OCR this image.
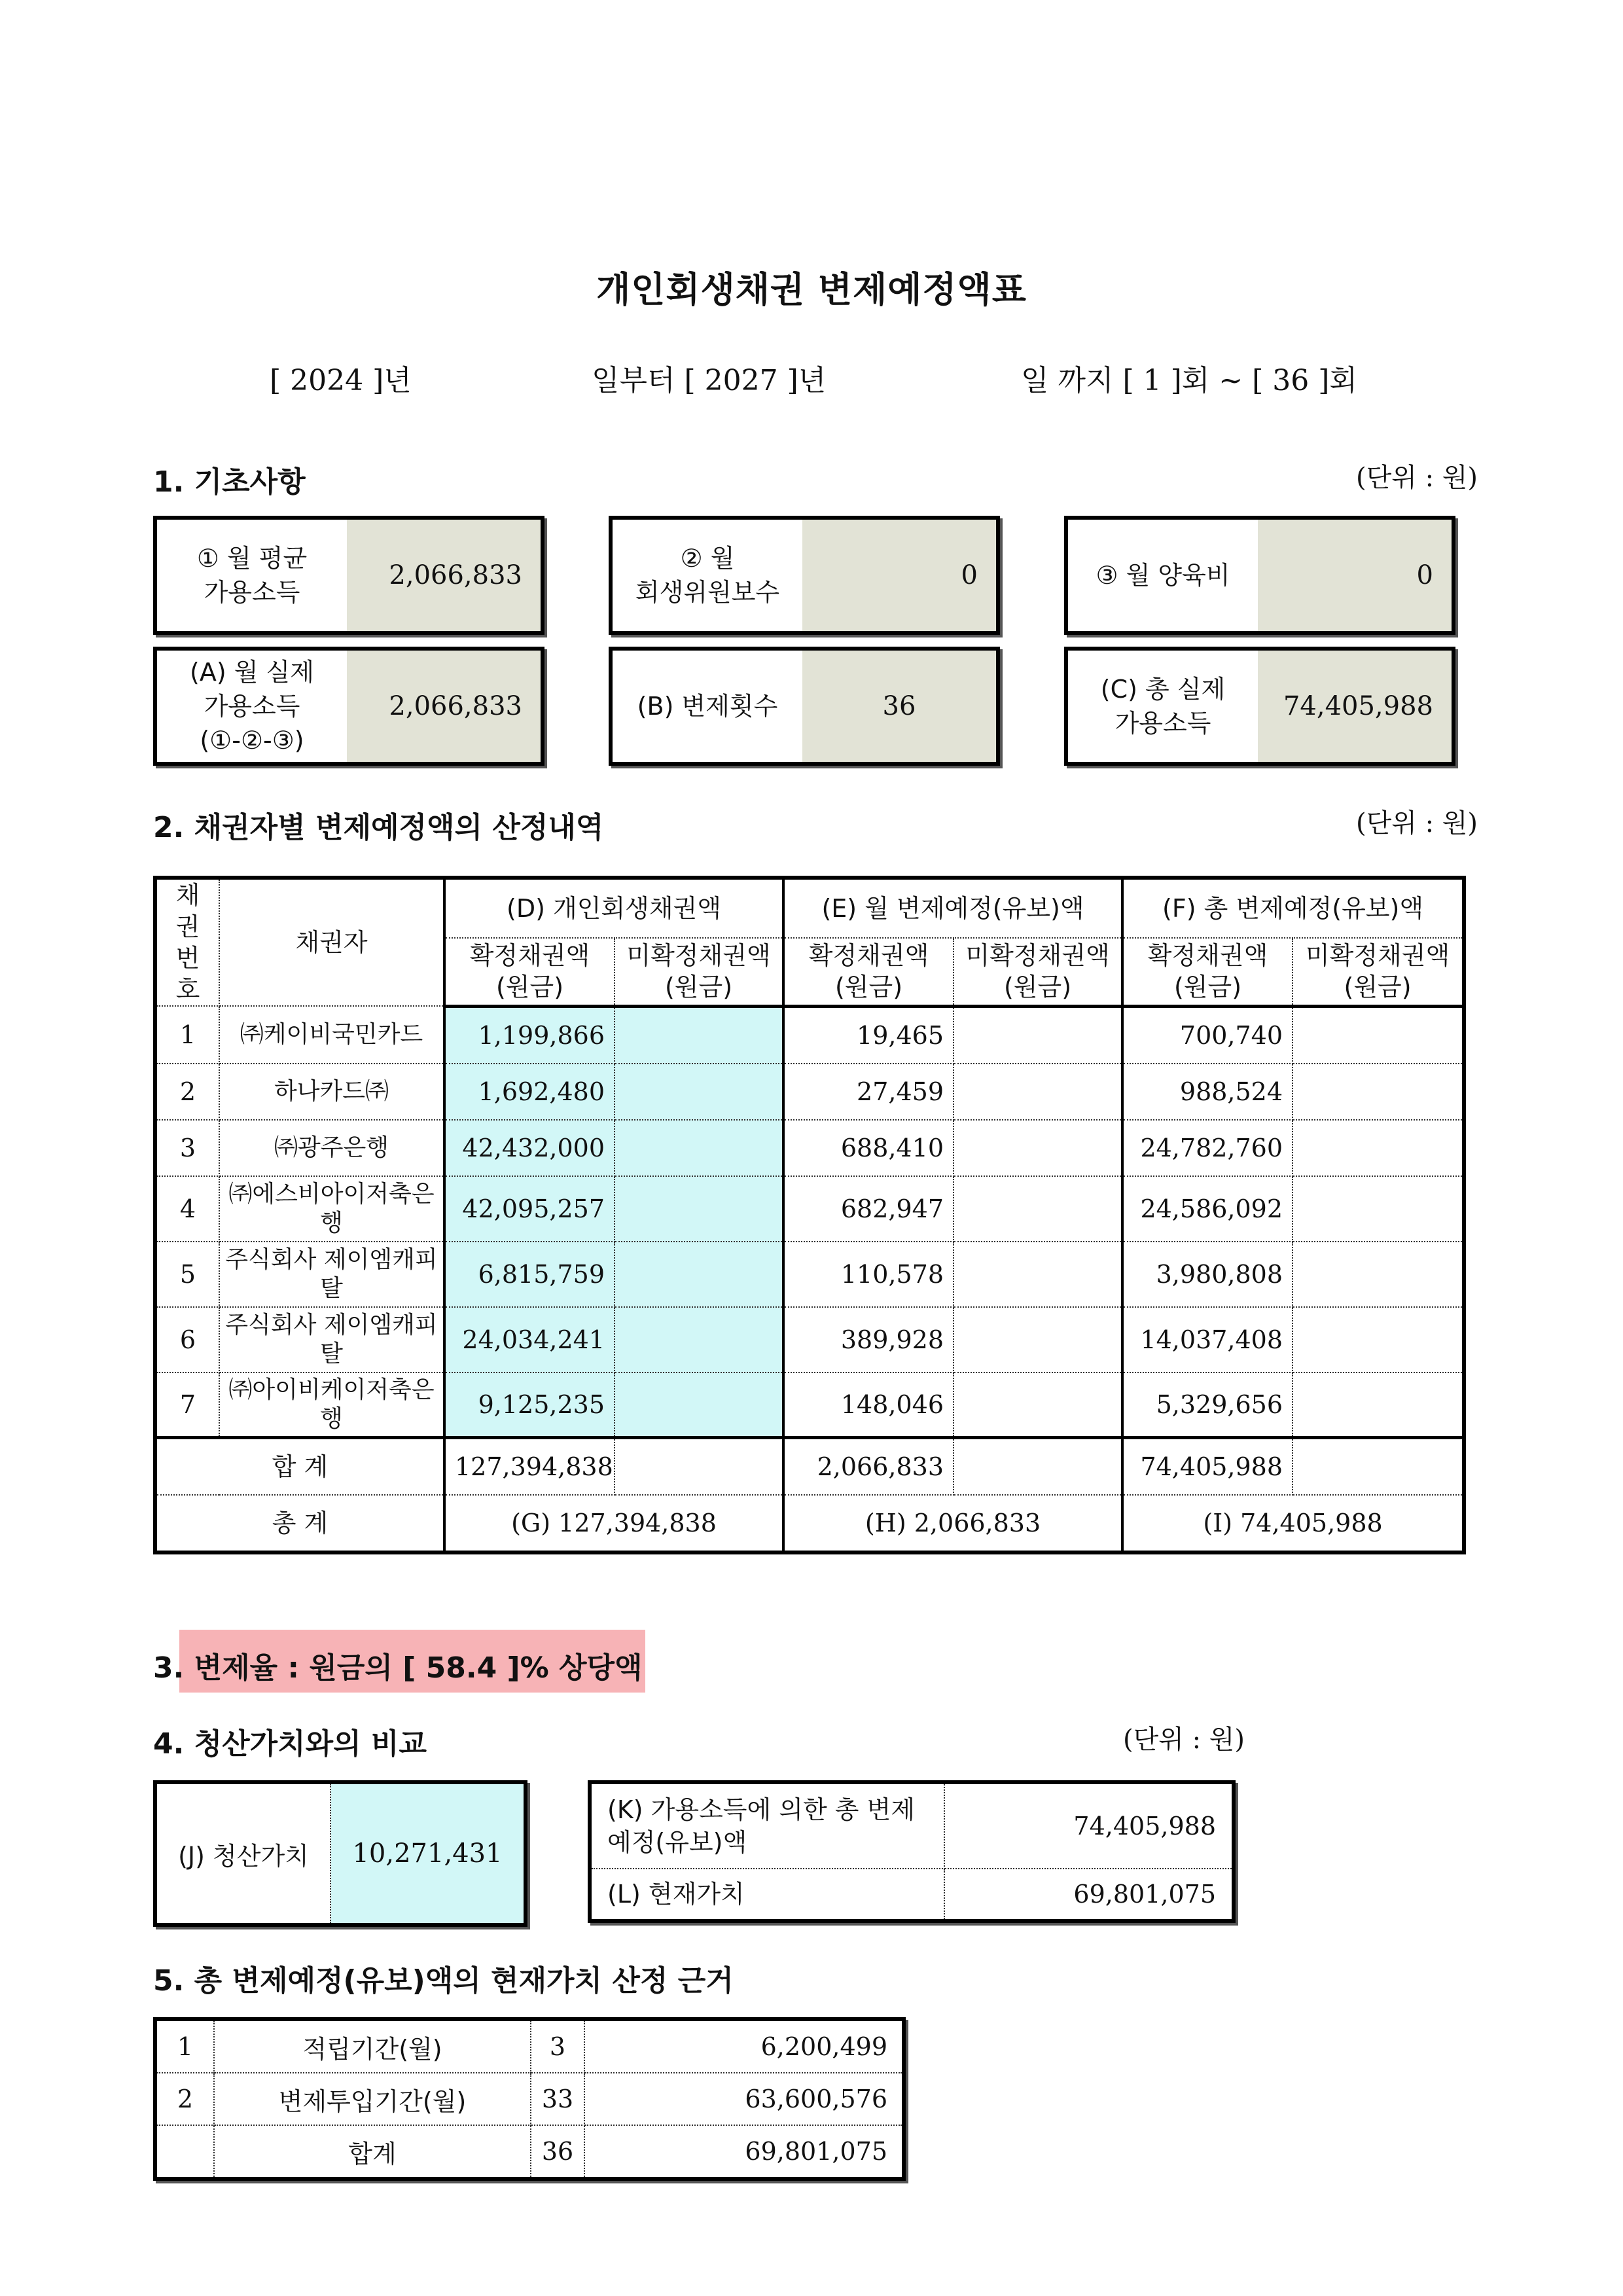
개인회생채권 변제예정액표
[ 2024 ]년	일부터 [ 2027 ]년	일 까지 [ 1 ]회 ~ [ 36 ]회
1. 기초사항	(단위 : 원)
① 월 평균
가용소득
2,066,833
② 월
회생위원보수
0	③ 월 양육비	0
(A) 월 실제
가용소득
(①-②-③)
2,066,833	(B) 변제횟수	36
(C) 총 실제
가용소득
74,405,988
2. 채권자별 변제예정액의 산정내역	(단위 : 원)
채권
번호	채권자	(D) 개인회생채권액		(E) 월 변제예정(유보)액		(F) 총 변제예정(유보)액	
		확정채권액
(원금)	미확정채권액
(원금)	확정채권액
(원금)	미확정채권액
(원금)	확정채권액
(원금)	미확정채권액
(원금)
1	㈜케이비국민카드	1,199,866		19,465		700,740	
2	하나카드㈜	1,692,480		27,459		988,524	
3	㈜광주은행	42,432,000		688,410		24,782,760	
4	㈜에스비아이저축은
행	42,095,257		682,947		24,586,092	
5	주식회사 제이엠캐피
탈	6,815,759		110,578		3,980,808	
6	주식회사 제이엠캐피
탈	24,034,241		389,928		14,037,408	
7	㈜아이비케이저축은
행	9,125,235		148,046		5,329,656	
합 계		127,394,838		2,066,833		74,405,988	
총 계		(G) 127,394,838		(H) 2,066,833		(I) 74,405,988	
3. 변제율 : 원금의 [ 58.4 ]% 상당액
4. 청산가치와의 비교	(단위 : 원)
(J) 청산가치	10,271,431
(K) 가용소득에 의한 총 변제
예정(유보)액	74,405,988
(L) 현재가치	69,801,075
5. 총 변제예정(유보)액의 현재가치 산정 근거
1	적립기간(월)	3	6,200,499
2	변제투입기간(월)	33	63,600,576
	합계	36	69,801,075
